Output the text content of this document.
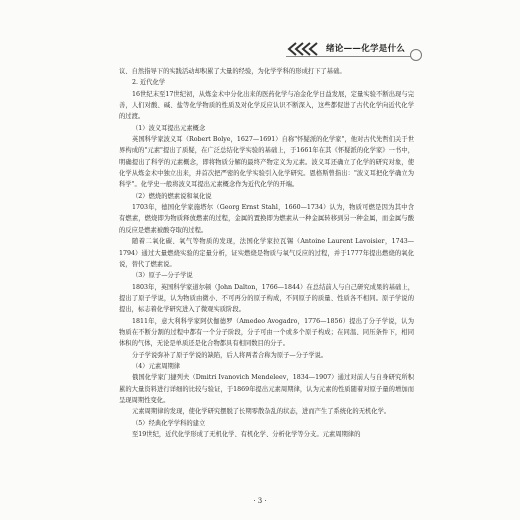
绪论——化学是什么

议、自然指导下的实践活动却积累了大量的经验，为化学学科的形成打下了基础。

2. 近代化学

16世纪末至17世纪初，从炼金术中分化出来的医药化学与冶金化学日益发展，定量实验不断出现与完善，人们对酸、碱、盐等化学物质的性质及对化学反应认识不断深入，这些都促进了古代化学向近代化学的过渡。

（1）波义耳提出元素概念

英国科学家波义耳（Robert Bolye，1627—1691）自称"怀疑派的化学家"，他对古代先哲们关于世界构成的"元素"提出了质疑，在广泛总结化学实验的基础上，于1661年在其《怀疑派的化学家》一书中，明确提出了科学的元素概念，即将物质分解的最终产物定义为元素。波义耳还确立了化学的研究对象，使化学从炼金术中独立出来，并首次把严密的化学实验引入化学研究。恩格斯曾指出："波义耳把化学确立为科学"。化学史一般将波义耳提出元素概念作为近代化学的开端。

（2）燃烧的燃素说和氧化说

1703年，德国化学家施塔尔（Georg Ernst Stahl，1660—1734）认为，物质可燃是因为其中含有燃素，燃烧即为物质释放燃素的过程，金属的置换即为燃素从一种金属转移到另一种金属，而金属与酸的反应是燃素被酸夺取的过程。

随着二氧化碳、氧气等物质的发现，法国化学家拉瓦锡（Antoine Laurent Lavoisier，1743—1794）通过大量燃烧实验的定量分析，证实燃烧是物质与氧气反应的过程，并于1777年提出燃烧的氧化说，替代了燃素说。

（3）原子—分子学说

1803年，英国科学家道尔顿（John Dalton，1766—1844）在总结前人与自己研究成果的基础上，提出了原子学说，认为物质由微小、不可再分的原子构成，不同原子的质量、性质各不相同。原子学说的提出，标志着化学研究进入了微观实质阶段。

1811年，意大利科学家阿伏伽德罗（Amedeo Avogadro，1776—1856）提出了分子学说，认为物质在不断分割的过程中都有一个分子阶段，分子可由一个或多个原子构成；在同温、同压条件下，相同体积的气体，无论是单质还是化合物都具有相同数目的分子。

分子学说弥补了原子学说的缺陷，后人将两者合称为原子—分子学说。

（4）元素周期律

俄国化学家门捷列夫（Dmitri Ivanovich Mendeleev，1834—1907）通过对前人与自身研究所积累的大量资料进行详细的比较与验证，于1869年提出元素周期律，认为元素的性质随着对原子量的增加而呈现周期性变化。

元素周期律的发现，使化学研究摆脱了长期零散杂乱的状态，进而产生了系统化的无机化学。

（5）经典化学学科的建立

至19世纪，近代化学形成了无机化学、有机化学、分析化学等分支。元素周期律的

· 3 ·
